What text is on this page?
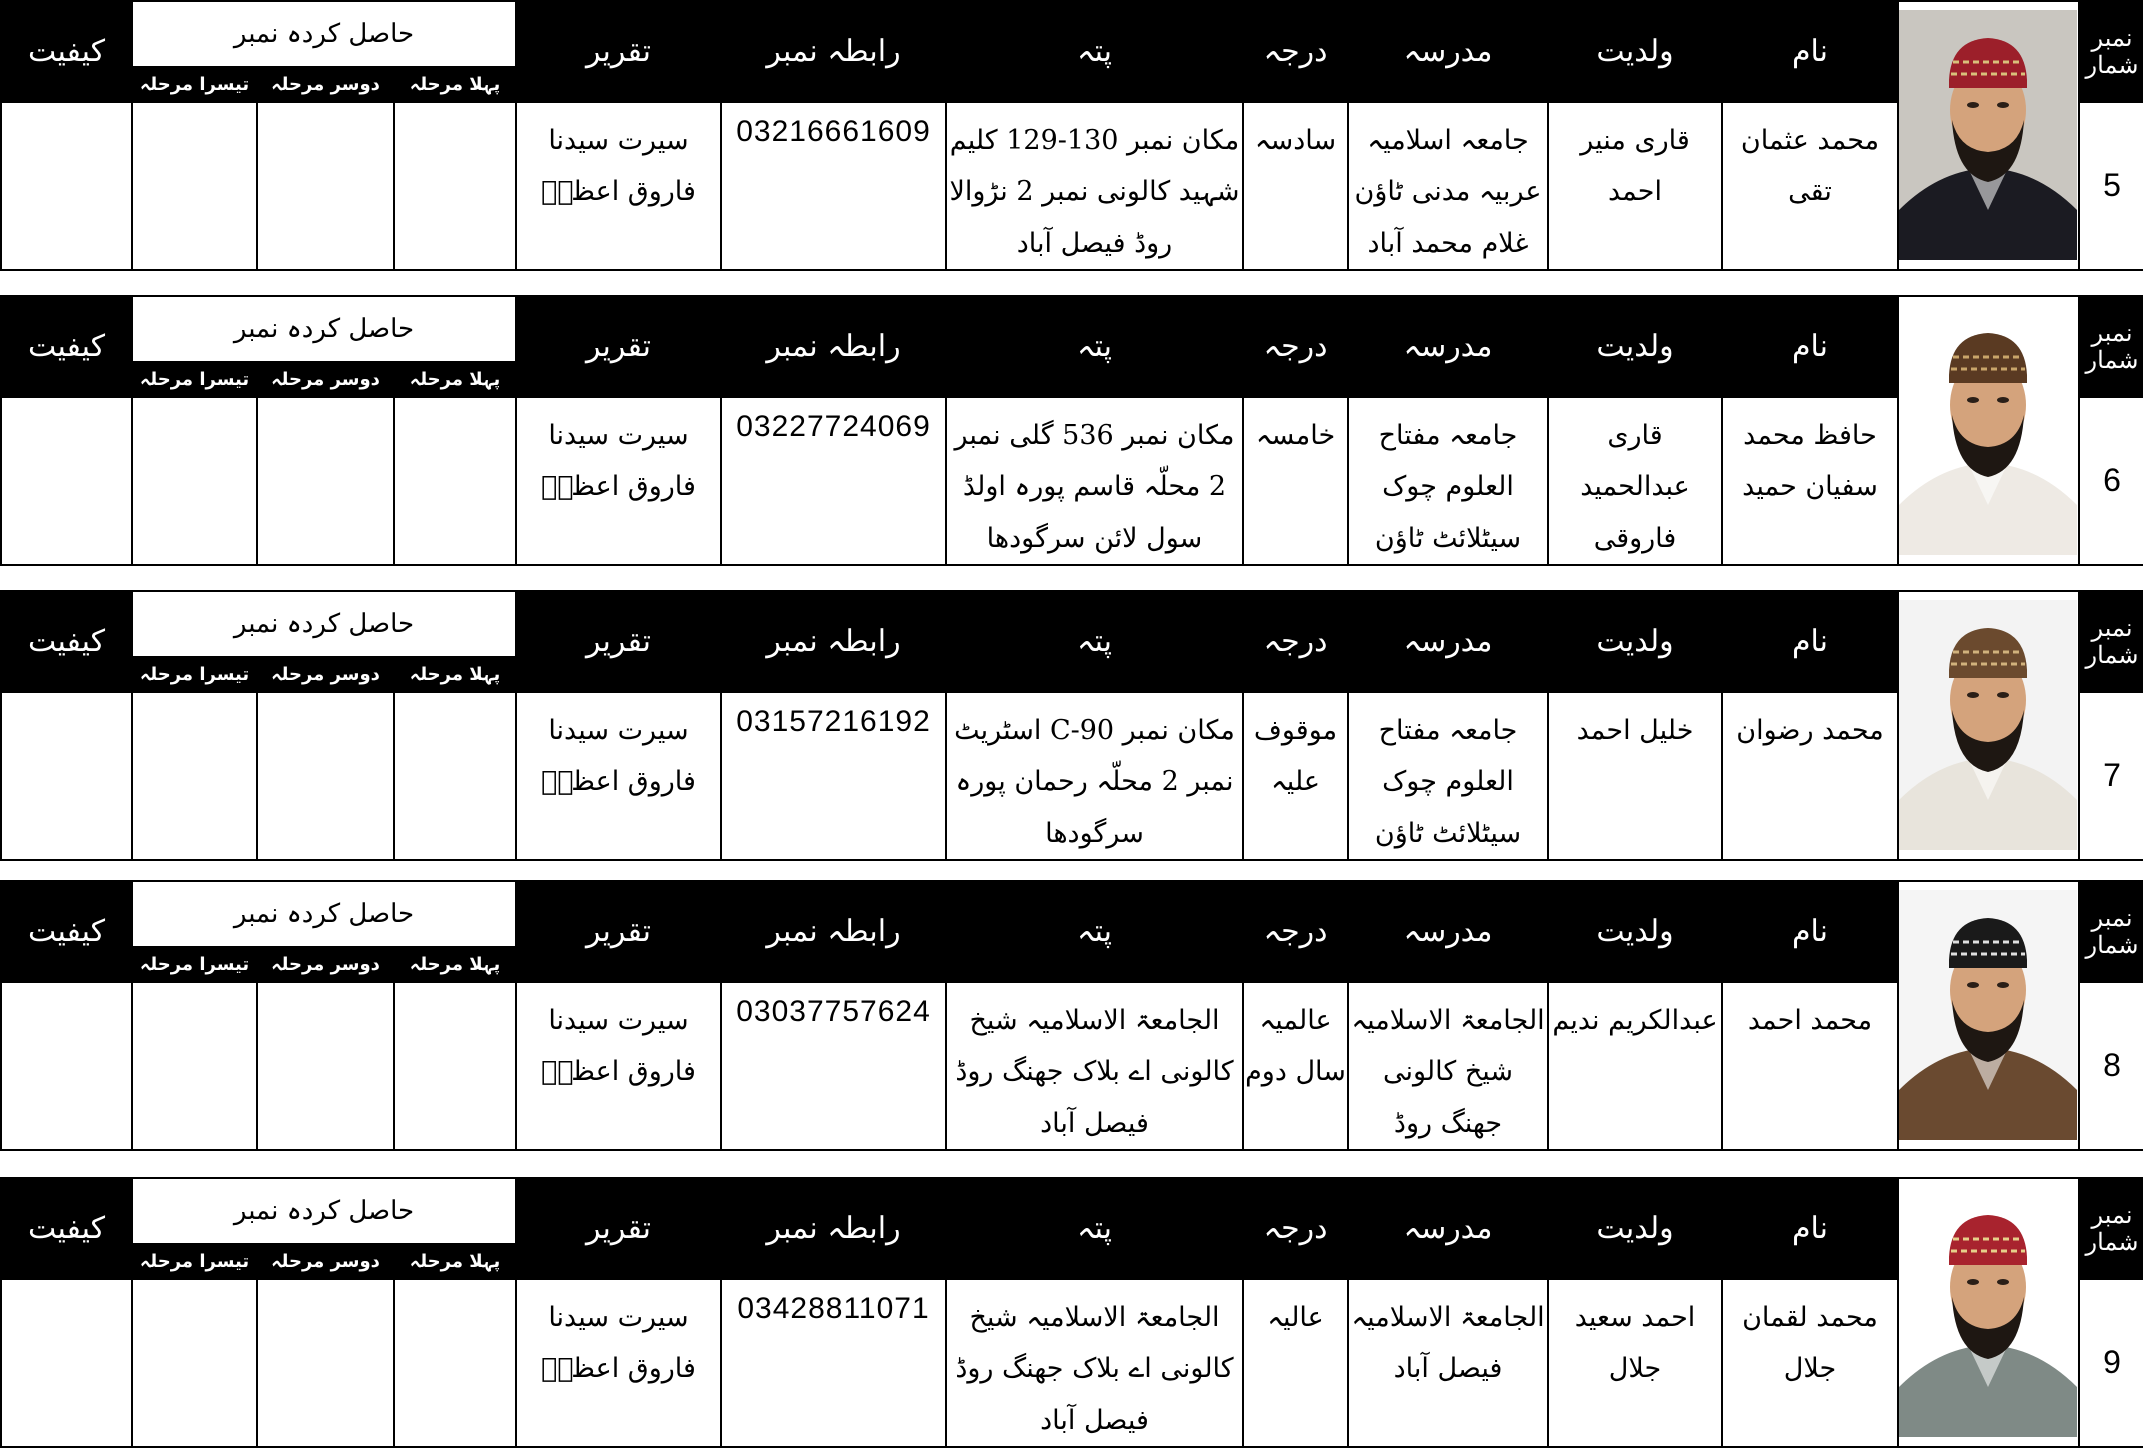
کیفیت	حاصل کردہ نمبر			تقریر	رابطہ نمبر	پتہ	درجہ	مدرسہ	ولدیت	نام		نمبر شمار
	تیسرا مرحلہ	دوسر مرحلہ	پہلا مرحلہ									
				سیرت سیدنا فاروق اعظمؓ	03216661609	مکان نمبر 130-129 کلیم شہید کالونی نمبر 2 نڑوالا روڈ فیصل آباد	سادسہ	جامعہ اسلامیہ عربیہ مدنی ٹاؤن غلام محمد آباد	قاری منیر احمد	محمد عثمان تقی		5
کیفیت	حاصل کردہ نمبر			تقریر	رابطہ نمبر	پتہ	درجہ	مدرسہ	ولدیت	نام		نمبر شمار
	تیسرا مرحلہ	دوسر مرحلہ	پہلا مرحلہ									
				سیرت سیدنا فاروق اعظمؓ	03227724069	مکان نمبر 536 گلی نمبر 2 محلّہ قاسم پورہ اولڈ سول لائن سرگودھا	خامسہ	جامعہ مفتاح العلوم چوک سیٹلائٹ ٹاؤن	قاری عبدالحمید فاروقی	حافظ محمد سفیان حمید		6
کیفیت	حاصل کردہ نمبر			تقریر	رابطہ نمبر	پتہ	درجہ	مدرسہ	ولدیت	نام		نمبر شمار
	تیسرا مرحلہ	دوسر مرحلہ	پہلا مرحلہ									
				سیرت سیدنا فاروق اعظمؓ	03157216192	مکان نمبر C-90 اسٹریٹ نمبر 2 محلّہ رحمان پورہ سرگودھا	موقوف علیہ	جامعہ مفتاح العلوم چوک سیٹلائٹ ٹاؤن	خلیل احمد	محمد رضوان		7
کیفیت	حاصل کردہ نمبر			تقریر	رابطہ نمبر	پتہ	درجہ	مدرسہ	ولدیت	نام		نمبر شمار
	تیسرا مرحلہ	دوسر مرحلہ	پہلا مرحلہ									
				سیرت سیدنا فاروق اعظمؓ	03037757624	الجامعۃ الاسلامیہ شیخ کالونی اے بلاک جھنگ روڈ فیصل آباد	عالمیہ سال دوم	الجامعۃ الاسلامیہ شیخ کالونی جھنگ روڈ	عبدالکریم ندیم	محمد احمد		8
کیفیت	حاصل کردہ نمبر			تقریر	رابطہ نمبر	پتہ	درجہ	مدرسہ	ولدیت	نام		نمبر شمار
	تیسرا مرحلہ	دوسر مرحلہ	پہلا مرحلہ									
				سیرت سیدنا فاروق اعظمؓ	03428811071	الجامعۃ الاسلامیہ شیخ کالونی اے بلاک جھنگ روڈ فیصل آباد	عالیہ	الجامعۃ الاسلامیہ فیصل آباد	احمد سعید جلال	محمد لقمان جلال		9
